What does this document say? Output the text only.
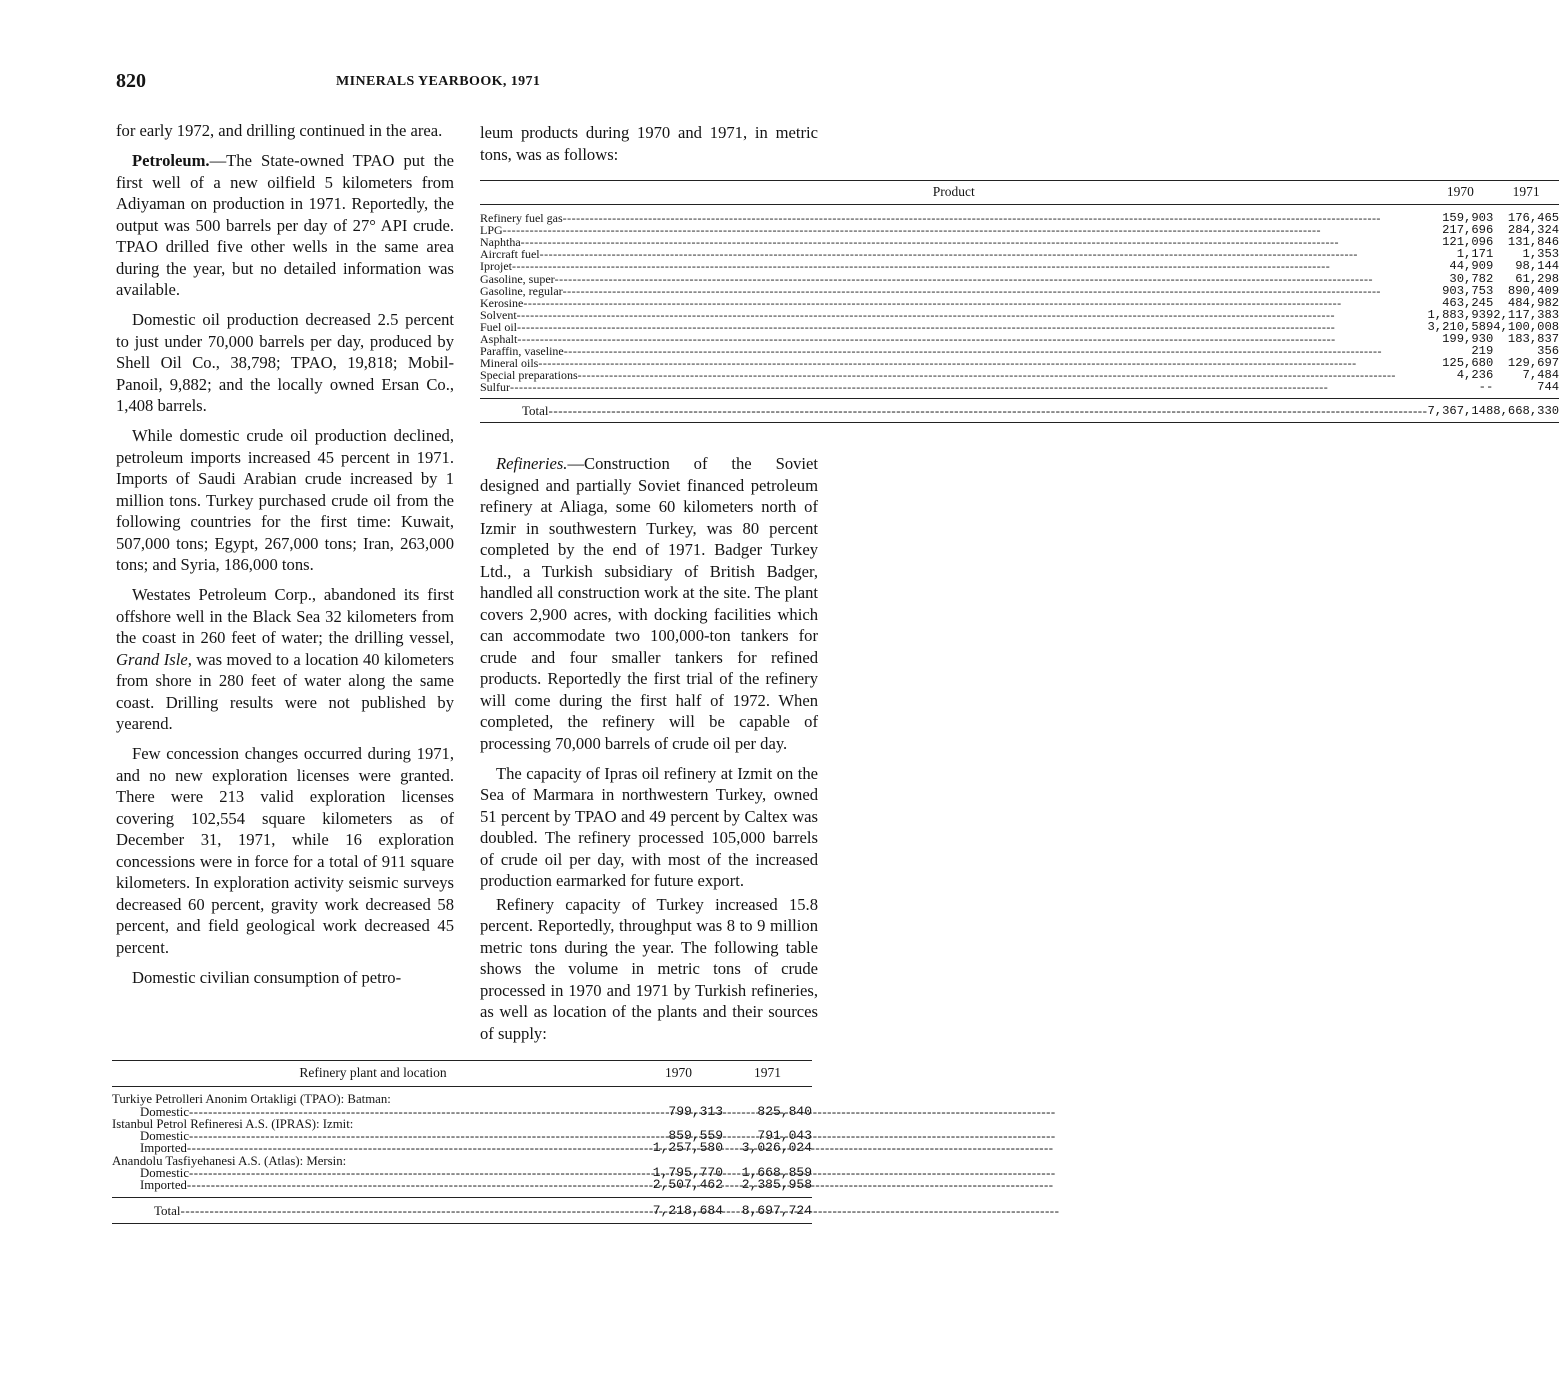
820	MINERALS YEARBOOK, 1971

for early 1972, and drilling continued in the area.

Petroleum.—The State-owned TPAO put the first well of a new oilfield 5 kilometers from Adiyaman on production in 1971. Reportedly, the output was 500 barrels per day of 27° API crude. TPAO drilled five other wells in the same area during the year, but no detailed information was available.

Domestic oil production decreased 2.5 percent to just under 70,000 barrels per day, produced by Shell Oil Co., 38,798; TPAO, 19,818; Mobil-Panoil, 9,882; and the locally owned Ersan Co., 1,408 barrels.

While domestic crude oil production declined, petroleum imports increased 45 percent in 1971. Imports of Saudi Arabian crude increased by 1 million tons. Turkey purchased crude oil from the following countries for the first time: Kuwait, 507,000 tons; Egypt, 267,000 tons; Iran, 263,000 tons; and Syria, 186,000 tons.

Westates Petroleum Corp., abandoned its first offshore well in the Black Sea 32 kilometers from the coast in 260 feet of water; the drilling vessel, Grand Isle, was moved to a location 40 kilometers from shore in 280 feet of water along the same coast. Drilling results were not published by yearend.

Few concession changes occurred during 1971, and no new exploration licenses were granted. There were 213 valid exploration licenses covering 102,554 square kilometers as of December 31, 1971, while 16 exploration concessions were in force for a total of 911 square kilometers. In exploration activity seismic surveys decreased 60 percent, gravity work decreased 58 percent, and field geological work decreased 45 percent.

Domestic civilian consumption of petro-

leum products during 1970 and 1971, in metric tons, was as follows:

Product	1970	1971

Refinery fuel gas -----	159,903	176,465

LPG -----	217,696	284,324

Naphtha -----	121,096	131,846

Aircraft fuel -----	1,171	1,353

Iprojet -----	44,909	98,144

Gasoline, super -----	30,782	61,298

Gasoline, regular -----	903,753	890,409

Kerosine -----	463,245	484,982

Solvent -----	1,883,939	2,117,383

Fuel oil -----	3,210,589	4,100,008

Asphalt -----	199,930	183,837

Paraffin, vaseline -----	219	356

Mineral oils -----	125,680	129,697

Special preparations -----	4,236	7,484

Sulfur -----	--	744

Total -----	7,367,148	8,668,330

Refineries.—Construction of the Soviet designed and partially Soviet financed petroleum refinery at Aliaga, some 60 kilometers north of Izmir in southwestern Turkey, was 80 percent completed by the end of 1971. Badger Turkey Ltd., a Turkish subsidiary of British Badger, handled all construction work at the site. The plant covers 2,900 acres, with docking facilities which can accommodate two 100,000-ton tankers for crude and four smaller tankers for refined products. Reportedly the first trial of the refinery will come during the first half of 1972. When completed, the refinery will be capable of processing 70,000 barrels of crude oil per day.

The capacity of Ipras oil refinery at Izmit on the Sea of Marmara in northwestern Turkey, owned 51 percent by TPAO and 49 percent by Caltex was doubled. The refinery processed 105,000 barrels of crude oil per day, with most of the increased production earmarked for future export.

Refinery capacity of Turkey increased 15.8 percent. Reportedly, throughput was 8 to 9 million metric tons during the year. The following table shows the volume in metric tons of crude processed in 1970 and 1971 by Turkish refineries, as well as location of the plants and their sources of supply:

Refinery plant and location	1970	1971
Turkiye Petrolleri Anonim Ortakligi (TPAO): Batman:		

Domestic -----	799,313	825,840
Istanbul Petrol Refineresi A.S. (IPRAS): Izmit:		

Domestic -----	859,559	791,043

Imported -----	1,257,580	3,026,024
Anandolu Tasfiyehanesi A.S. (Atlas): Mersin:		

Domestic -----	1,795,770	1,668,859

Imported -----	2,507,462	2,385,958

Total -----	7,218,684	8,697,724
